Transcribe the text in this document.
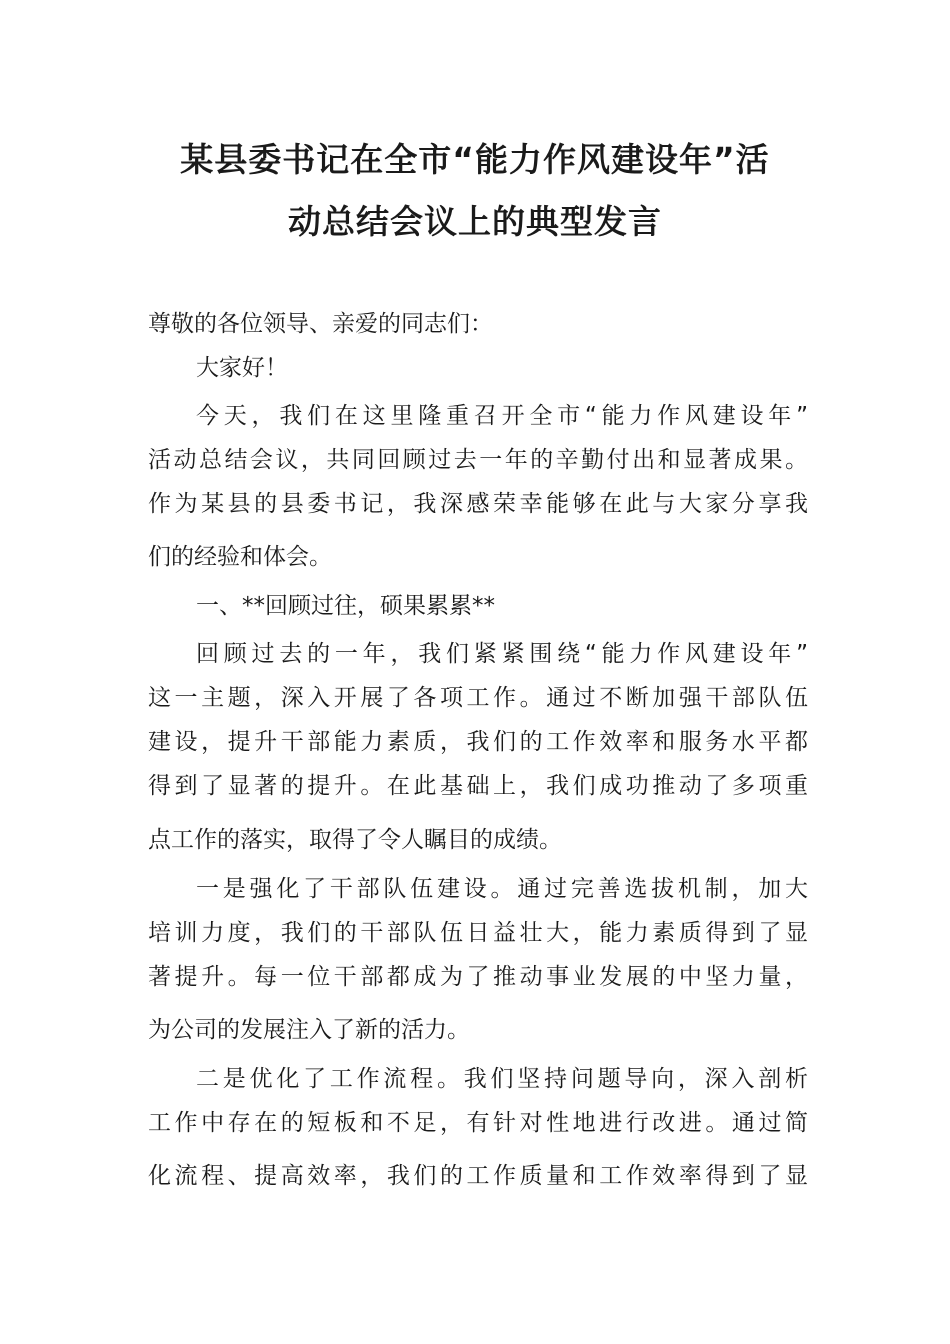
某县委书记在全市“能力作风建设年”活
动总结会议上的典型发言
尊敬的各位领导、亲爱的同志们：
大家好！
今天，我们在这里隆重召开全市“能力作风建设年”
活动总结会议，共同回顾过去一年的辛勤付出和显著成果。
作为某县的县委书记，我深感荣幸能够在此与大家分享我
们的经验和体会。
一、**回顾过往，硕果累累**
回顾过去的一年，我们紧紧围绕“能力作风建设年”
这一主题，深入开展了各项工作。通过不断加强干部队伍
建设，提升干部能力素质，我们的工作效率和服务水平都
得到了显著的提升。在此基础上，我们成功推动了多项重
点工作的落实，取得了令人瞩目的成绩。
一是强化了干部队伍建设。通过完善选拔机制，加大
培训力度，我们的干部队伍日益壮大，能力素质得到了显
著提升。每一位干部都成为了推动事业发展的中坚力量，
为公司的发展注入了新的活力。
二是优化了工作流程。我们坚持问题导向，深入剖析
工作中存在的短板和不足，有针对性地进行改进。通过简
化流程、提高效率，我们的工作质量和工作效率得到了显
